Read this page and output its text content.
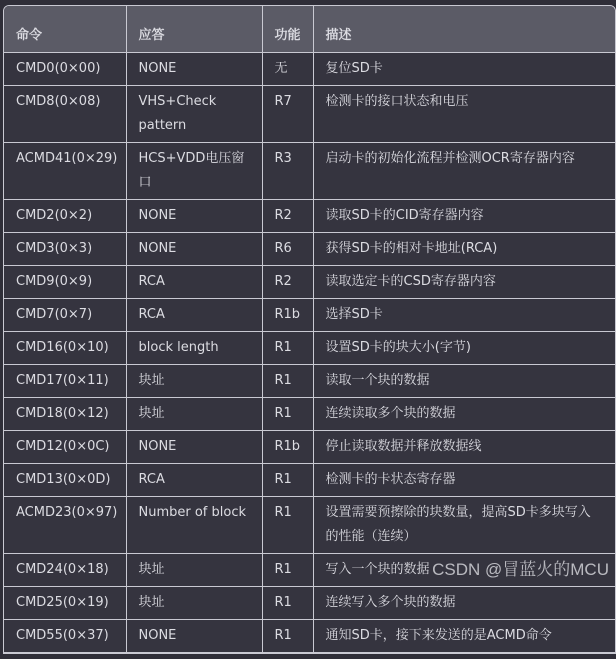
命令	应答	功能	描述
CMD0(0×00)	NONE	无	复位SD卡
CMD8(0×08)	VHS+Check pattern	R7	检测卡的接口状态和电压
ACMD41(0×29)	HCS+VDD电压窗口	R3	启动卡的初始化流程并检测OCR寄存器内容
CMD2(0×2)	NONE	R2	读取SD卡的CID寄存器内容
CMD3(0×3)	NONE	R6	获得SD卡的相对卡地址(RCA)
CMD9(0×9)	RCA	R2	读取选定卡的CSD寄存器内容
CMD7(0×7)	RCA	R1b	选择SD卡
CMD16(0×10)	block length	R1	设置SD卡的块大小(字节)
CMD17(0×11)	块址	R1	读取一个块的数据
CMD18(0×12)	块址	R1	连续读取多个块的数据
CMD12(0×0C)	NONE	R1b	停止读取数据并释放数据线
CMD13(0×0D)	RCA	R1	检测卡的卡状态寄存器
ACMD23(0×97)	Number of block	R1	设置需要预擦除的块数量，提高SD卡多块写入的性能（连续）
CMD24(0×18)	块址	R1	写入一个块的数据 CSDN @冒蓝火的MCU

CMD25(0×19)	块址	R1	连续写入多个块的数据
CMD55(0×37)	NONE	R1	通知SD卡，接下来发送的是ACMD命令
